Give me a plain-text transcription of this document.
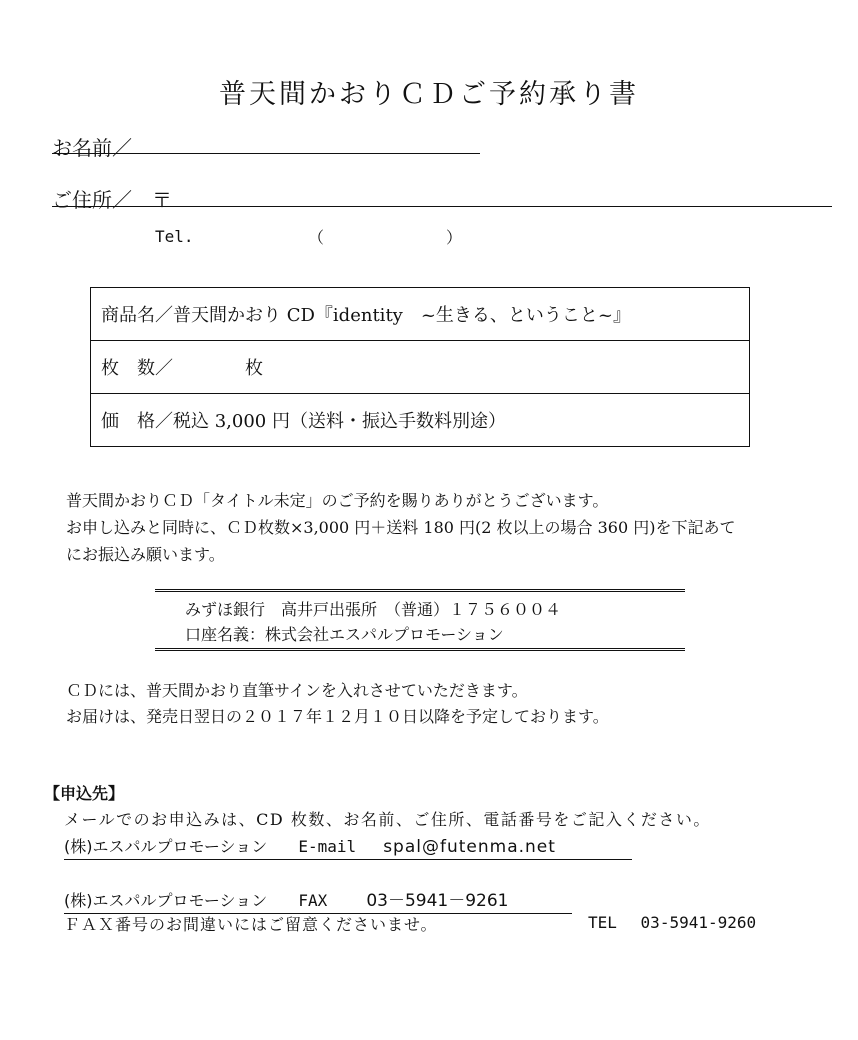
普天間かおりＣＤご予約承り書
お名前／
ご住所／ 〒
Tel.	（	）
商品名／普天間かおり CD『identity　~生きる、ということ~』
枚　数／　　　　枚
価　格／税込 3,000 円（送料・振込手数料別途）
普天間かおりＣＤ「タイトル未定」のご予約を賜りありがとうございます。
お申し込みと同時に、ＣＤ枚数×3,000 円＋送料 180 円(2 枚以上の場合 360 円)を下記あて
にお振込み願います。
みずほ銀行　高井戸出張所　（普通）１７５６００４
口座名義：株式会社エスパルプロモーション
ＣＤには、普天間かおり直筆サインを入れさせていただきます。
お届けは、発売日翌日の２０１７年１２月１０日以降を予定しております。
【申込先】
メールでのお申込みは、CD 枚数、お名前、ご住所、電話番号をご記入ください。
(株)エスパルプロモーション E-mail spal@futenma.net
(株)エスパルプロモーション FAX 03－5941－9261
ＦＡＸ番号のお間違いにはご留意くださいませ。	TEL 03-5941-9260
